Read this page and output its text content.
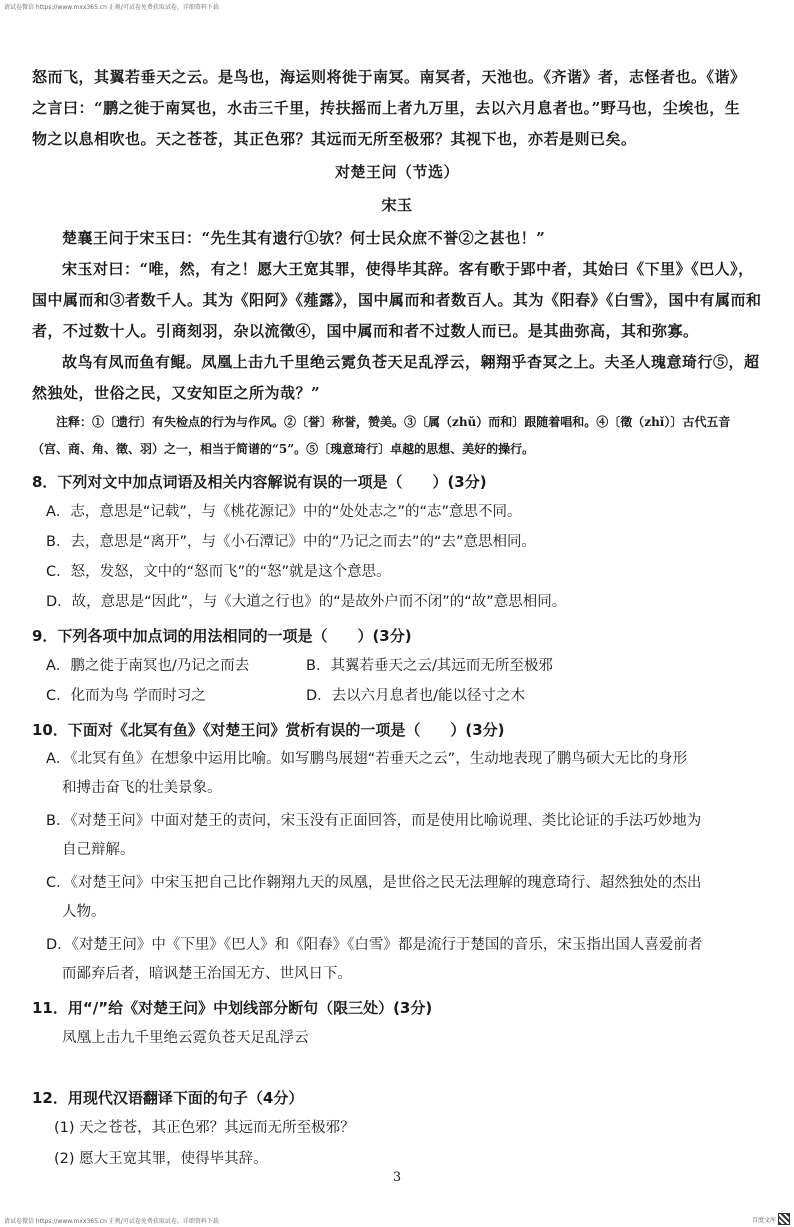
请试卷微信 https://www.mxx365.cn 正规/可试卷免费获取试卷，详细资料下载

怒而飞，其翼若垂天之云。是鸟也，海运则将徙于南冥。南冥者，天池也。《齐谐》者，志怪者也。《谐》

之言曰：“鹏之徙于南冥也，水击三千里，抟扶摇而上者九万里，去以六月息者也。”野马也，尘埃也，生

物之以息相吹也。天之苍苍，其正色邪？其远而无所至极邪？其视下也，亦若是则已矣。

对楚王问（节选）

宋玉

楚襄王问于宋玉曰：“先生其有遗行①欤？何士民众庶不誉②之甚也！”

宋玉对曰：“唯，然，有之！愿大王宽其罪，使得毕其辞。客有歌于郢中者，其始曰《下里》《巴人》，国中属而和③者数千人。其为《阳阿》《薤露》，国中属而和者数百人。其为《阳春》《白雪》，国中有属而和者，不过数十人。引商刻羽，杂以流徵④，国中属而和者不过数人而已。是其曲弥高，其和弥寡。

故鸟有凤而鱼有鲲。凤凰上击九千里绝云霓负苍天足乱浮云，翱翔乎杳冥之上。夫圣人瑰意琦行⑤，超然独处，世俗之民，又安知臣之所为哉？”

注释：①〔遗行〕有失检点的行为与作风。②〔誉〕称誉，赞美。③〔属（zhǔ）而和〕跟随着唱和。④〔徵（zhǐ）〕古代五音（宫、商、角、徵、羽）之一，相当于简谱的“5”。⑤〔瑰意琦行〕卓越的思想、美好的操行。

8．下列对文中加点词语及相关内容解说有误的一项是（　　）(3分)

A．志，意思是“记载”，与《桃花源记》中的“处处志之”的“志”意思不同。

B．去，意思是“离开”，与《小石潭记》中的“乃记之而去”的“去”意思相同。

C．怒，发怒，文中的“怒而飞”的“怒”就是这个意思。

D．故，意思是“因此”，与《大道之行也》的“是故外户而不闭”的“故”意思相同。

9．下列各项中加点词的用法相同的一项是（　　）(3分)

A．鹏之徙于南冥也/乃记之而去	B．其翼若垂天之云/其远而无所至极邪
C．化而为鸟 学而时习之	D．去以六月息者也/能以径寸之木

10．下面对《北冥有鱼》《对楚王问》赏析有误的一项是（　　）(3分)

A．《北冥有鱼》在想象中运用比喻。如写鹏鸟展翅“若垂天之云”，生动地表现了鹏鸟硕大无比的身形
和搏击奋飞的壮美景象。

B．《对楚王问》中面对楚王的责问，宋玉没有正面回答，而是使用比喻说理、类比论证的手法巧妙地为
自己辩解。

C．《对楚王问》中宋玉把自己比作翱翔九天的凤凰，是世俗之民无法理解的瑰意琦行、超然独处的杰出
人物。

D．《对楚王问》中《下里》《巴人》和《阳春》《白雪》都是流行于楚国的音乐，宋玉指出国人喜爱前者
而鄙弃后者，暗讽楚王治国无方、世风日下。

11．用“/”给《对楚王问》中划线部分断句（限三处）(3分)

凤凰上击九千里绝云霓负苍天足乱浮云

12．用现代汉语翻译下面的句子（4分）

(1) 天之苍苍，其正色邪？其远而无所至极邪？

(2) 愿大王宽其罪，使得毕其辞。

3
请试卷微信 https://www.mxx365.cn 正规/可试卷免费获取试卷，详细资料下载	百度文库
